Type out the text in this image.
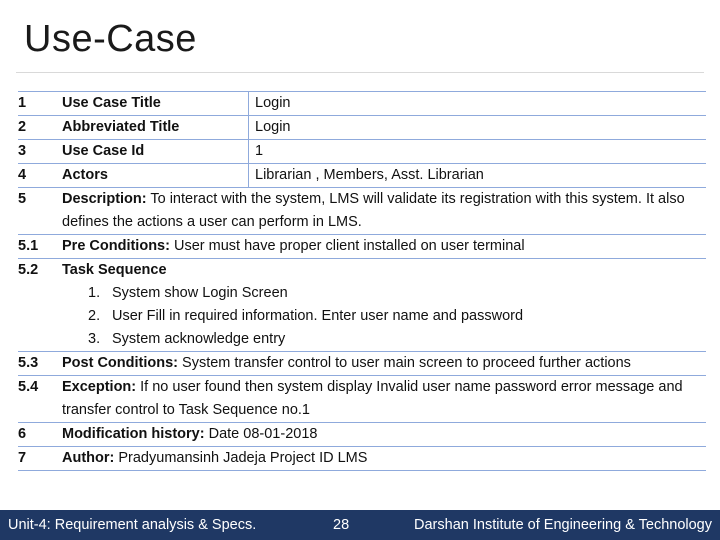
Use-Case
1	Use Case Title	Login
2	Abbreviated Title	Login
3	Use Case Id	1
4	Actors	Librarian , Members, Asst. Librarian
5	Description: To interact with the system, LMS will validate its registration with this system. It also defines the actions a user can perform in LMS.
5.1	Pre Conditions: User must have proper client installed on user terminal
5.2	Task Sequence
1. System show Login Screen
2. User Fill in required information. Enter user name and password
3. System acknowledge entry
5.3	Post Conditions: System transfer control to user main screen to proceed further actions
5.4	Exception: If no user found then system display Invalid user name password error message and transfer control to Task Sequence no.1
6	Modification history: Date 08-01-2018
7	Author: Pradyumansinh Jadeja Project ID LMS
Unit-4: Requirement analysis & Specs.	28	Darshan Institute of Engineering & Technology
